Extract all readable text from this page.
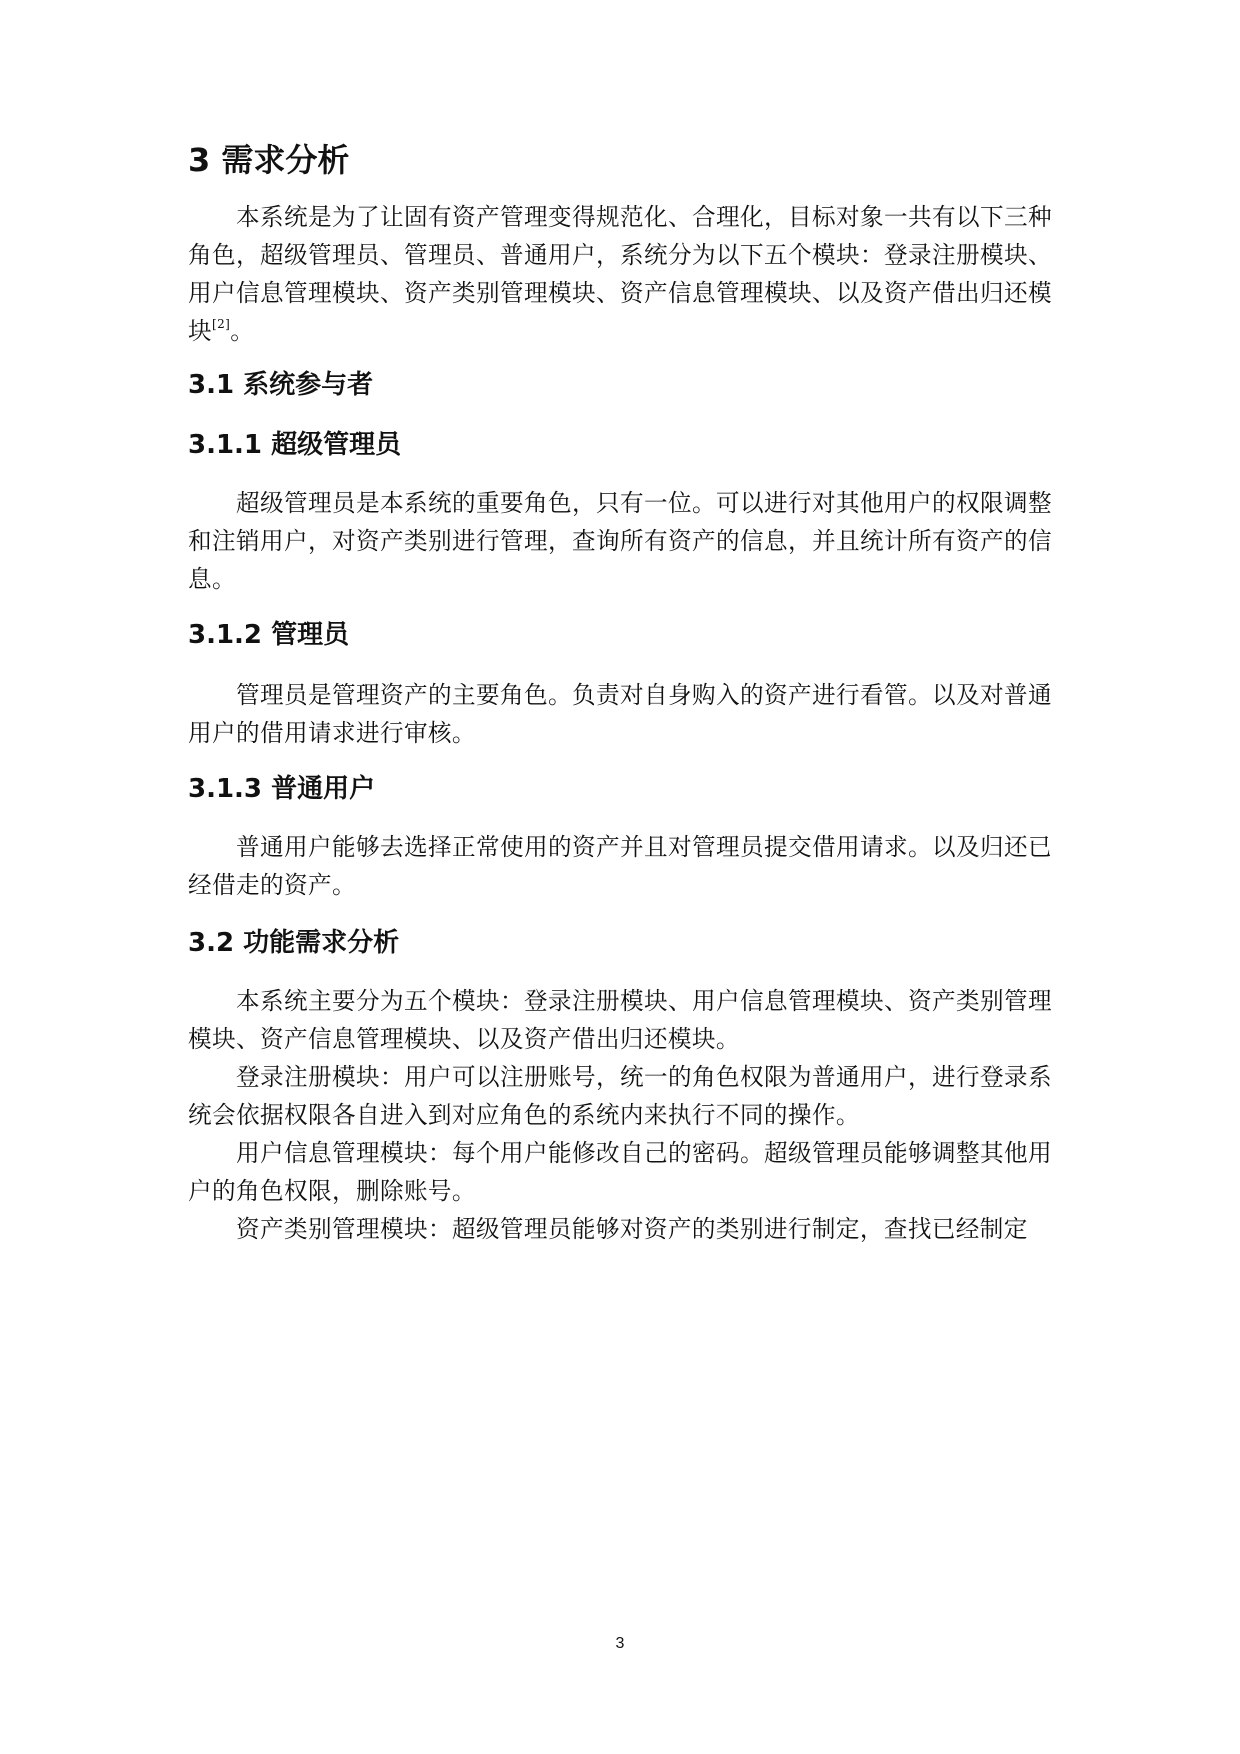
3 需求分析

本系统是为了让固有资产管理变得规范化、合理化，目标对象一共有以下三种角色，超级管理员、管理员、普通用户，系统分为以下五个模块：登录注册模块、用户信息管理模块、资产类别管理模块、资产信息管理模块、以及资产借出归还模块[2]。

3.1 系统参与者
3.1.1 超级管理员

超级管理员是本系统的重要角色，只有一位。可以进行对其他用户的权限调整和注销用户，对资产类别进行管理，查询所有资产的信息，并且统计所有资产的信息。

3.1.2 管理员

管理员是管理资产的主要角色。负责对自身购入的资产进行看管。以及对普通用户的借用请求进行审核。

3.1.3 普通用户

普通用户能够去选择正常使用的资产并且对管理员提交借用请求。以及归还已经借走的资产。

3.2 功能需求分析

本系统主要分为五个模块：登录注册模块、用户信息管理模块、资产类别管理模块、资产信息管理模块、以及资产借出归还模块。

登录注册模块：用户可以注册账号，统一的角色权限为普通用户，进行登录系统会依据权限各自进入到对应角色的系统内来执行不同的操作。

用户信息管理模块：每个用户能修改自己的密码。超级管理员能够调整其他用户的角色权限，删除账号。

资产类别管理模块：超级管理员能够对资产的类别进行制定，查找已经制定

3
